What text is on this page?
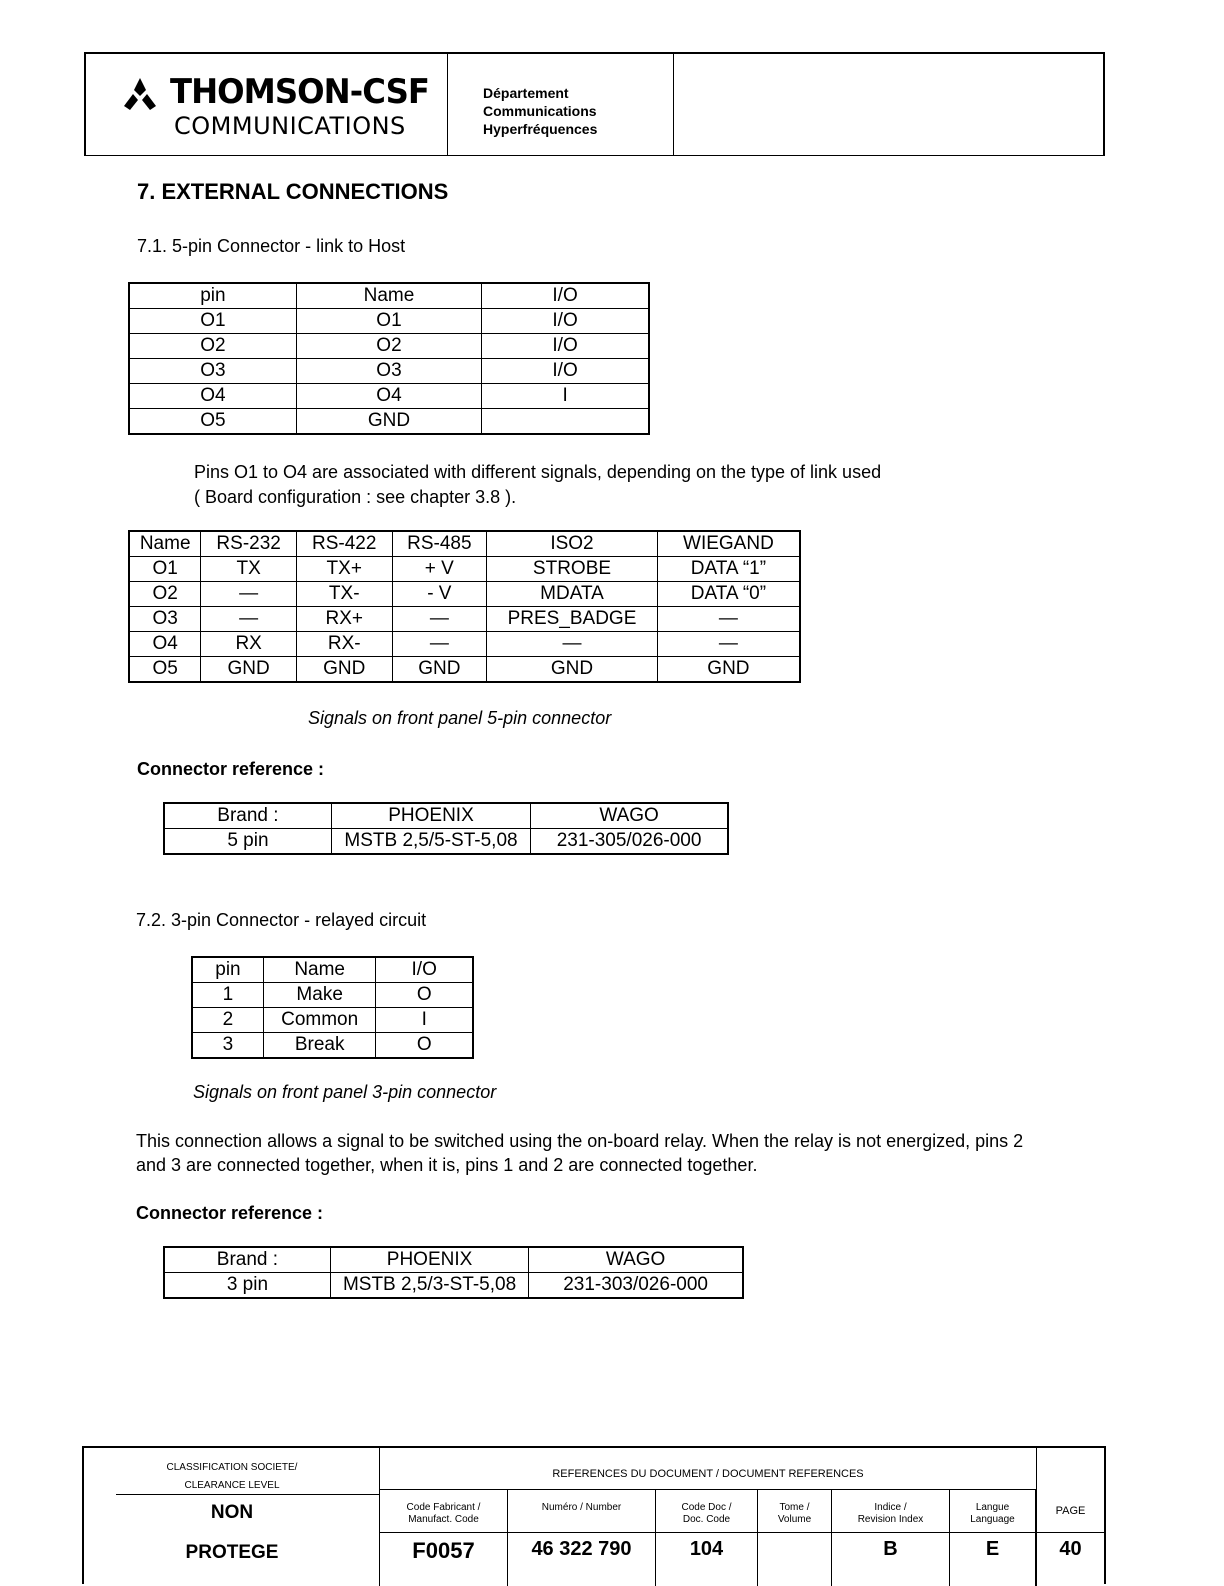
THOMSON-CSF
COMMUNICATIONS
Département
Communications
Hyperfréquences
7. EXTERNAL CONNECTIONS
7.1. 5-pin Connector - link to Host
pin	Name	I/O
O1	O1	I/O
O2	O2	I/O
O3	O3	I/O
O4	O4	I
O5	GND	
Pins O1 to O4 are associated with different signals, depending on the type of link used
( Board configuration : see chapter 3.8 ).
Name	RS-232	RS-422	RS-485	ISO2	WIEGAND
O1	TX	TX+	+ V	STROBE	DATA “1”
O2	—	TX-	- V	MDATA	DATA “0”
O3	—	RX+	—	PRES_BADGE	—
O4	RX	RX-	—	—	—
O5	GND	GND	GND	GND	GND
Signals on front panel 5-pin connector
Connector reference :
Brand :	PHOENIX	WAGO
5 pin	MSTB 2,5/5-ST-5,08	231-305/026-000
7.2. 3-pin Connector - relayed circuit
pin	Name	I/O
1	Make	O
2	Common	I
3	Break	O
Signals on front panel 3-pin connector
This connection allows a signal to be switched using the on-board relay. When the relay is not energized, pins 2
and 3 are connected together, when it is, pins 1 and 2 are connected together.
Connector reference :
Brand :	PHOENIX	WAGO
3 pin	MSTB 2,5/3-ST-5,08	231-303/026-000
CLASSIFICATION SOCIETE/
CLEARANCE LEVEL
NON
PROTEGE
REFERENCES DU DOCUMENT / DOCUMENT REFERENCES
Code Fabricant /
Manufact. Code
F0057
Numéro / Number
46 322 790
Code Doc /
Doc. Code
104
Tome /
Volume
Indice /
Revision Index
B
Langue
Language
E
PAGE
40
